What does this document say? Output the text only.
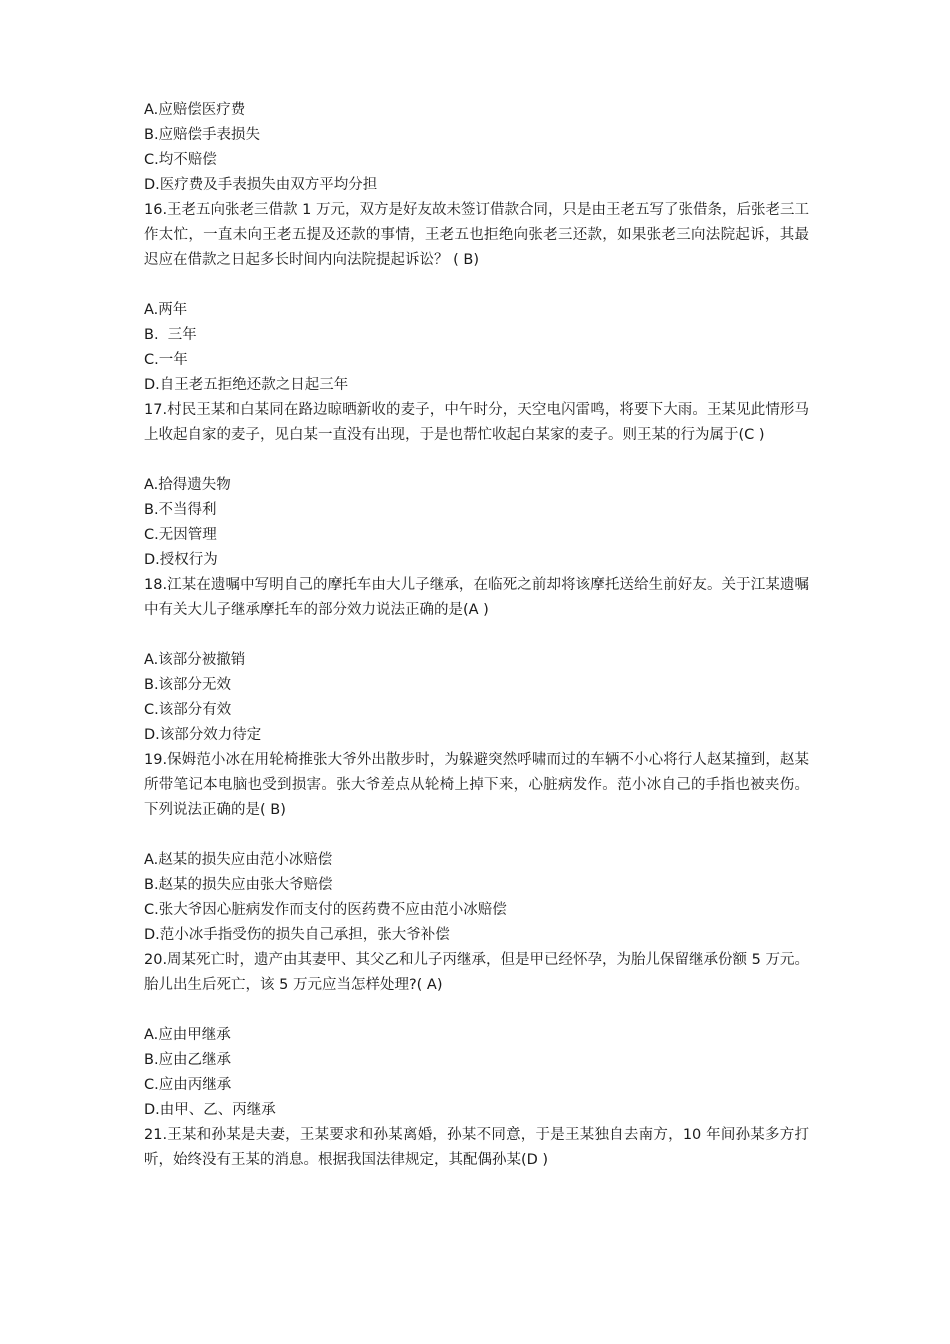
A.应赔偿医疗费
B.应赔偿手表损失
C.均不赔偿
D.医疗费及手表损失由双方平均分担

16.王老五向张老三借款 1 万元，双方是好友故未签订借款合同，只是由王老五写了张借条，后张老三工作太忙，一直未向王老五提及还款的事情，王老五也拒绝向张老三还款，如果张老三向法院起诉，其最迟应在借款之日起多长时间内向法院提起诉讼？ ( B)

A.两年
B.  三年
C.一年
D.自王老五拒绝还款之日起三年

17.村民王某和白某同在路边晾晒新收的麦子，中午时分，天空电闪雷鸣，将要下大雨。王某见此情形马上收起自家的麦子，见白某一直没有出现，于是也帮忙收起白某家的麦子。则王某的行为属于(C )

A.拾得遗失物
B.不当得利
C.无因管理
D.授权行为

18.江某在遗嘱中写明自己的摩托车由大儿子继承，在临死之前却将该摩托送给生前好友。关于江某遗嘱中有关大儿子继承摩托车的部分效力说法正确的是(A )

A.该部分被撤销
B.该部分无效
C.该部分有效
D.该部分效力待定

19.保姆范小冰在用轮椅推张大爷外出散步时，为躲避突然呼啸而过的车辆不小心将行人赵某撞到，赵某所带笔记本电脑也受到损害。张大爷差点从轮椅上掉下来，心脏病发作。范小冰自己的手指也被夹伤。下列说法正确的是( B)

A.赵某的损失应由范小冰赔偿
B.赵某的损失应由张大爷赔偿
C.张大爷因心脏病发作而支付的医药费不应由范小冰赔偿
D.范小冰手指受伤的损失自己承担，张大爷补偿

20.周某死亡时，遗产由其妻甲、其父乙和儿子丙继承，但是甲已经怀孕，为胎儿保留继承份额 5 万元。胎儿出生后死亡，该 5 万元应当怎样处理?( A)

A.应由甲继承
B.应由乙继承
C.应由丙继承
D.由甲、乙、丙继承

21.王某和孙某是夫妻，王某要求和孙某离婚，孙某不同意，于是王某独自去南方，10 年间孙某多方打听，始终没有王某的消息。根据我国法律规定，其配偶孙某(D )
